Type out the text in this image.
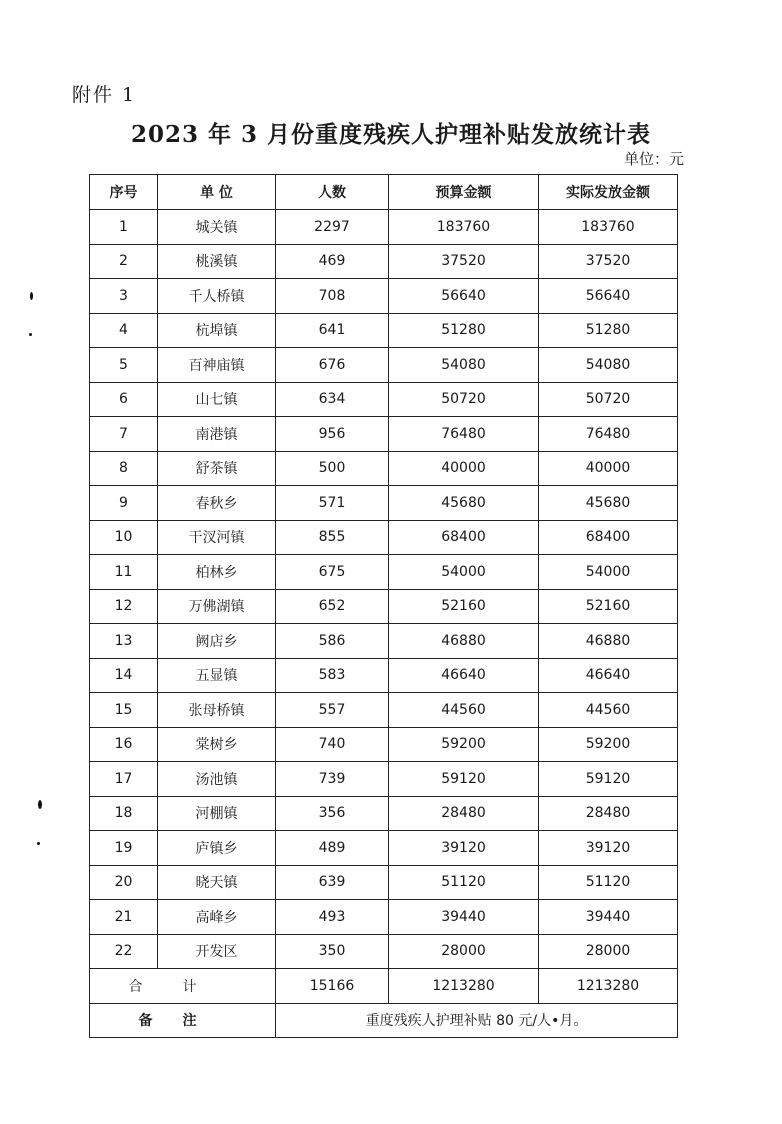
附件 1
2023 年 3 月份重度残疾人护理补贴发放统计表
单位：元
序号	单 位	人数	预算金额	实际发放金额
1	城关镇	2297	183760	183760
2	桃溪镇	469	37520	37520
3	千人桥镇	708	56640	56640
4	杭埠镇	641	51280	51280
5	百神庙镇	676	54080	54080
6	山七镇	634	50720	50720
7	南港镇	956	76480	76480
8	舒茶镇	500	40000	40000
9	春秋乡	571	45680	45680
10	干汊河镇	855	68400	68400
11	柏林乡	675	54000	54000
12	万佛湖镇	652	52160	52160
13	阙店乡	586	46880	46880
14	五显镇	583	46640	46640
15	张母桥镇	557	44560	44560
16	棠树乡	740	59200	59200
17	汤池镇	739	59120	59120
18	河棚镇	356	28480	28480
19	庐镇乡	489	39120	39120
20	晓天镇	639	51120	51120
21	高峰乡	493	39440	39440
22	开发区	350	28000	28000
合计		15166	1213280	1213280
备注		重度残疾人护理补贴 80 元/人•月。		
